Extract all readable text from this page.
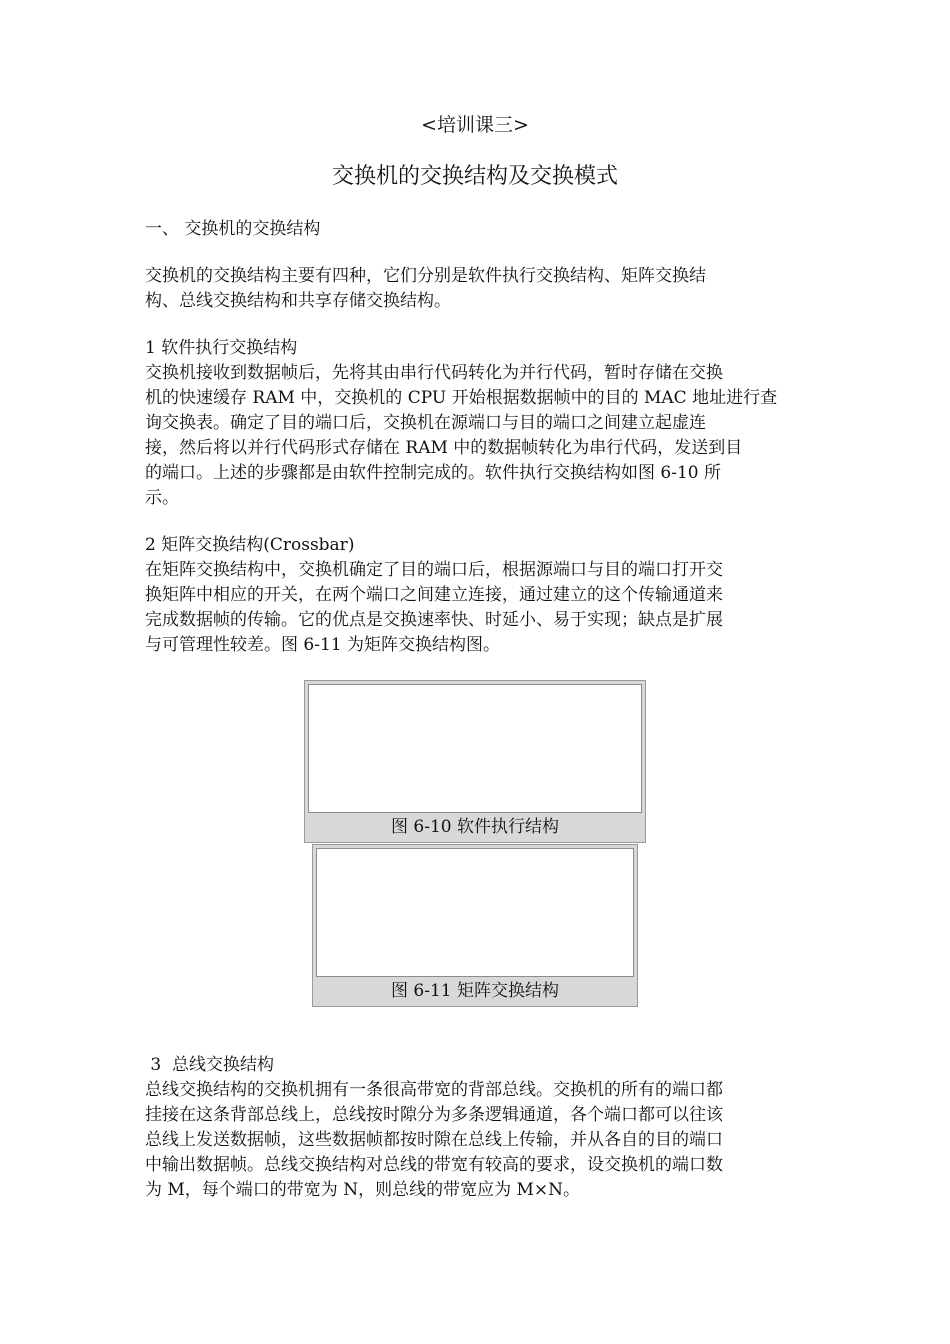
<培训课三>
交换机的交换结构及交换模式
一、 交换机的交换结构
交换机的交换结构主要有四种，它们分别是软件执行交换结构、矩阵交换结
构、总线交换结构和共享存储交换结构。
1 软件执行交换结构
交换机接收到数据帧后，先将其由串行代码转化为并行代码，暂时存储在交换
机的快速缓存 RAM 中，交换机的 CPU 开始根据数据帧中的目的 MAC 地址进行查
询交换表。确定了目的端口后，交换机在源端口与目的端口之间建立起虚连
接，然后将以并行代码形式存储在 RAM 中的数据帧转化为串行代码，发送到目
的端口。上述的步骤都是由软件控制完成的。软件执行交换结构如图 6-10 所
示。
2 矩阵交换结构(Crossbar)
在矩阵交换结构中，交换机确定了目的端口后，根据源端口与目的端口打开交
换矩阵中相应的开关，在两个端口之间建立连接，通过建立的这个传输通道来
完成数据帧的传输。它的优点是交换速率快、时延小、易于实现；缺点是扩展
与可管理性较差。图 6-11 为矩阵交换结构图。
图 6-10 软件执行结构
图 6-11 矩阵交换结构
3  总线交换结构
总线交换结构的交换机拥有一条很高带宽的背部总线。交换机的所有的端口都
挂接在这条背部总线上，总线按时隙分为多条逻辑通道，各个端口都可以往该
总线上发送数据帧，这些数据帧都按时隙在总线上传输，并从各自的目的端口
中输出数据帧。总线交换结构对总线的带宽有较高的要求，设交换机的端口数
为 M，每个端口的带宽为 N，则总线的带宽应为 M×N。
